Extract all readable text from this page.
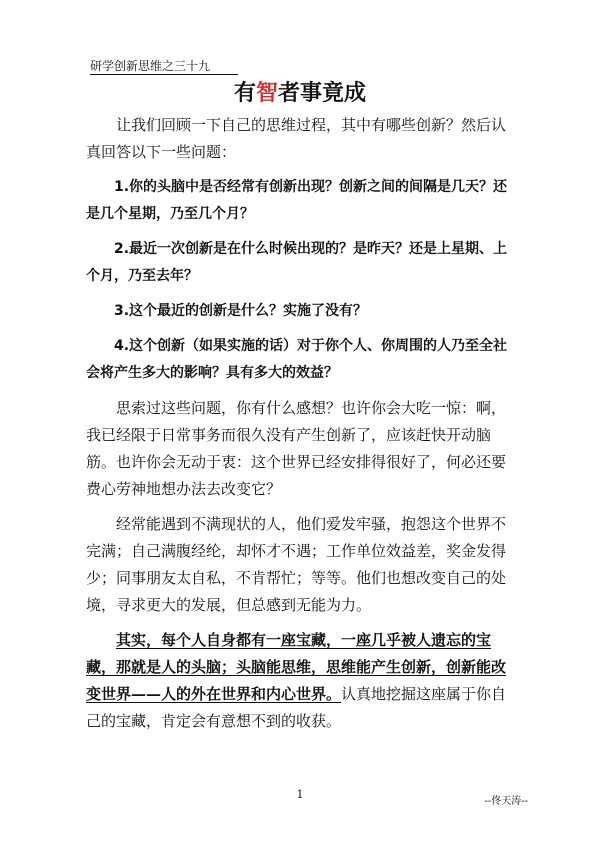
研学创新思维之三十九
有智者事竟成

让我们回顾一下自己的思维过程，其中有哪些创新？然后认真回答以下一些问题：

1.你的头脑中是否经常有创新出现？创新之间的间隔是几天？还是几个星期，乃至几个月？

2.最近一次创新是在什么时候出现的？是昨天？还是上星期、上个月，乃至去年？

3.这个最近的创新是什么？实施了没有？

4.这个创新（如果实施的话）对于你个人、你周围的人乃至全社会将产生多大的影响？具有多大的效益？

思索过这些问题，你有什么感想？也许你会大吃一惊：啊，我已经限于日常事务而很久没有产生创新了，应该赶快开动脑筋。也许你会无动于衷：这个世界已经安排得很好了，何必还要费心劳神地想办法去改变它？

经常能遇到不满现状的人，他们爱发牢骚，抱怨这个世界不完满；自己满腹经纶，却怀才不遇；工作单位效益差，奖金发得少；同事朋友太自私，不肯帮忙；等等。他们也想改变自己的处境，寻求更大的发展，但总感到无能为力。

其实，每个人自身都有一座宝藏，一座几乎被人遗忘的宝藏，那就是人的头脑；头脑能思维，思维能产生创新，创新能改变世界——人的外在世界和内心世界。认真地挖掘这座属于你自己的宝藏，肯定会有意想不到的收获。

1
--佟天涛--
